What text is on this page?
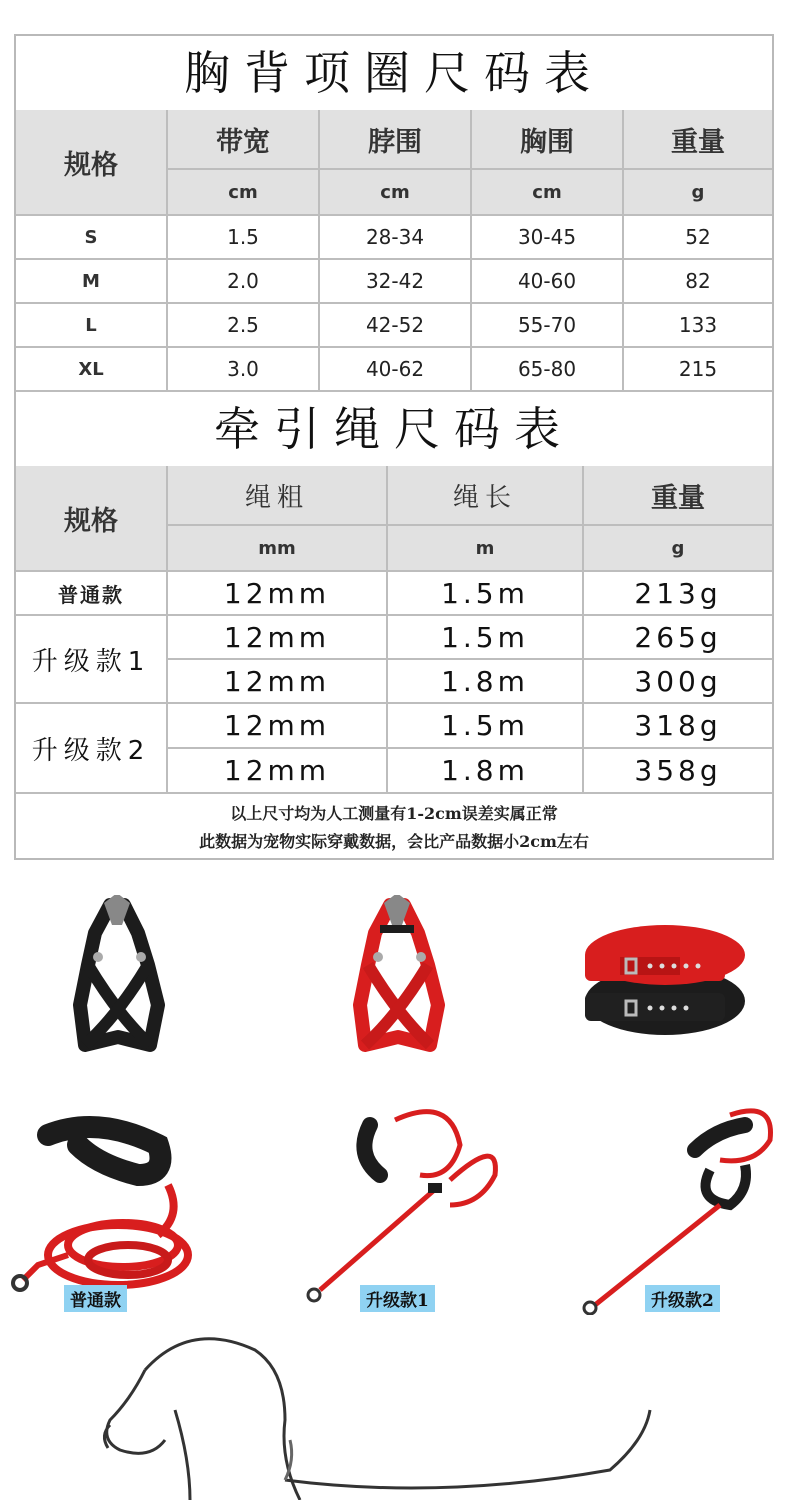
胸背项圈尺码表
规格
带宽	脖围	胸围	重量
cm	cm	cm	g
S	1.5	28-34	30-45	52
M	2.0	32-42	40-60	82
L	2.5	42-52	55-70	133
XL	3.0	40-62	65-80	215
牵引绳尺码表
规格
绳粗	绳长	重量
mm	m	g
普通款	12mm	1.5m	213g
升级款1
12mm	1.5m	265g
12mm	1.8m	300g
升级款2
12mm	1.5m	318g
12mm	1.8m	358g
以上尺寸均为人工测量有1-2cm误差实属正常
此数据为宠物实际穿戴数据，会比产品数据小2cm左右
普通款	升级款1	升级款2
